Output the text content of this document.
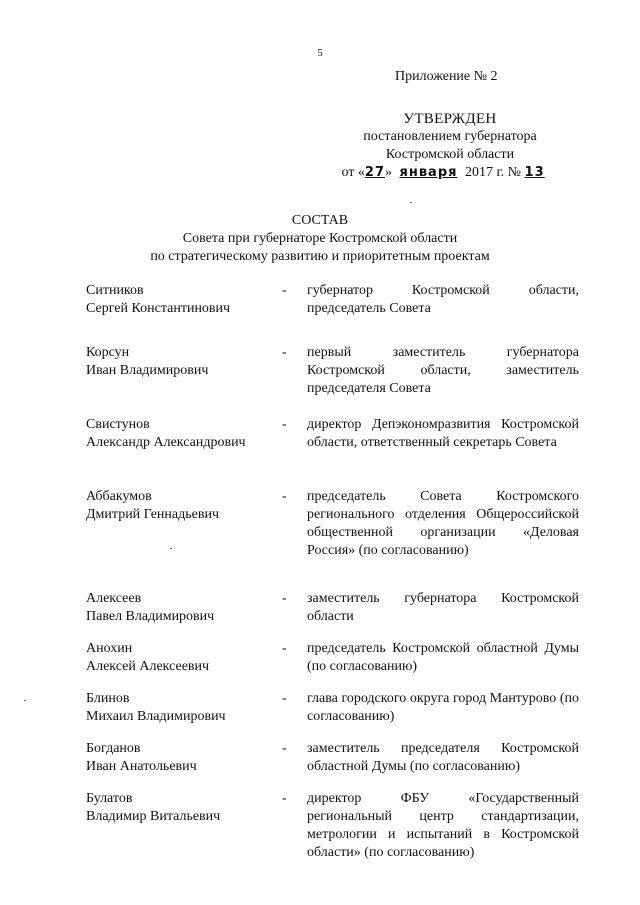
5
Приложение № 2
УТВЕРЖДЕН
постановлением губернатора
Костромской области
от «27» января 2017 г. № 13
СОСТАВ
Совета при губернаторе Костромской области
по стратегическому развитию и приоритетным проектам
Ситников
Сергей Константинович
-	губернатор Костромской области, председатель Совета
Корсун
Иван Владимирович
-	первый заместитель губернатора Костромской области, заместитель председателя Совета
Свистунов
Александр Александрович
-	директор Депэкономразвития Костромской области, ответственный секретарь Совета
Аббакумов
Дмитрий Геннадьевич
-	председатель Совета Костромского регионального отделения Общероссийской общественной организации «Деловая Россия» (по согласованию)
Алексеев
Павел Владимирович
-	заместитель губернатора Костромской области
Анохин
Алексей Алексеевич
-	председатель Костромской областной Думы (по согласованию)
Блинов
Михаил Владимирович
-	глава городского округа город Мантурово (по согласованию)
Богданов
Иван Анатольевич
-	заместитель председателя Костромской областной Думы (по согласованию)
Булатов
Владимир Витальевич
-	директор ФБУ «Государственный региональный центр стандартизации, метрологии и испытаний в Костромской области» (по согласованию)
